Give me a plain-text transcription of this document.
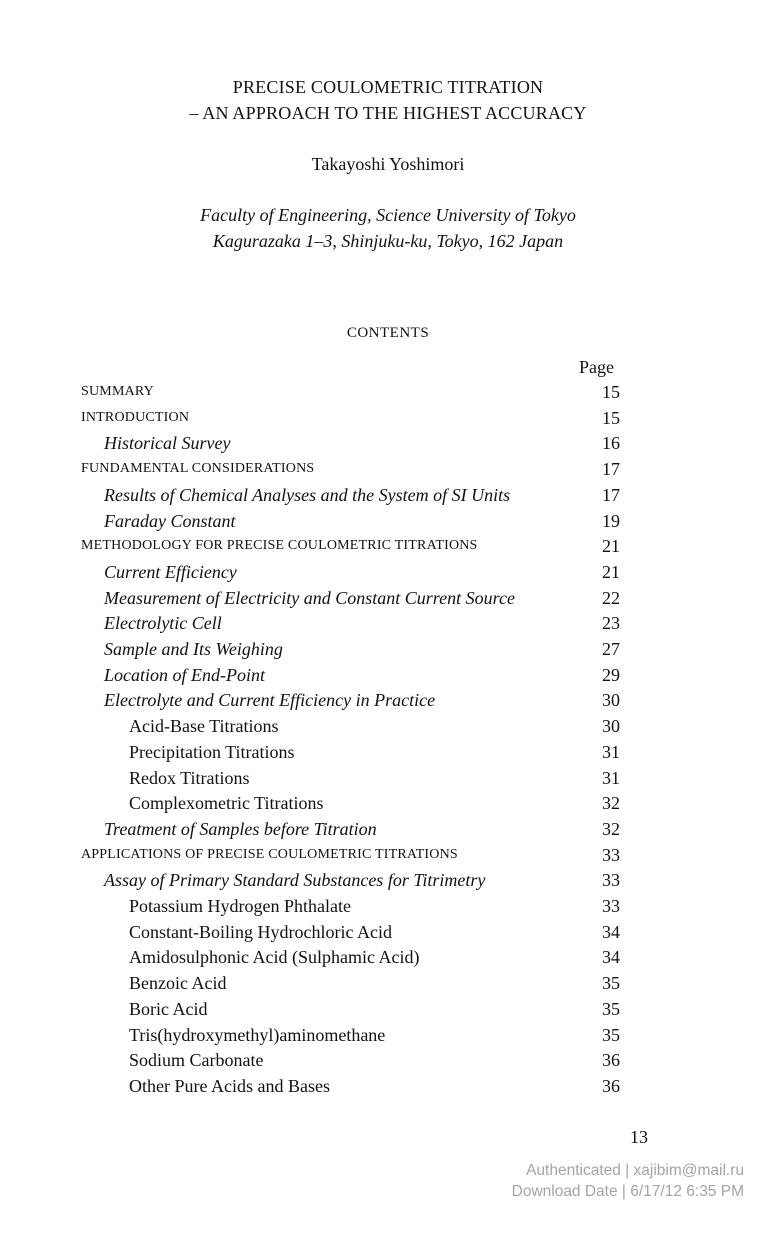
PRECISE COULOMETRIC TITRATION
– AN APPROACH TO THE HIGHEST ACCURACY
Takayoshi Yoshimori
Faculty of Engineering, Science University of Tokyo
Kagurazaka 1–3, Shinjuku-ku, Tokyo, 162 Japan
CONTENTS
Page
SUMMARY	15
INTRODUCTION	15
Historical Survey	16
FUNDAMENTAL CONSIDERATIONS	17
Results of Chemical Analyses and the System of SI Units	17
Faraday Constant	19
METHODOLOGY FOR PRECISE COULOMETRIC TITRATIONS	21
Current Efficiency	21
Measurement of Electricity and Constant Current Source	22
Electrolytic Cell	23
Sample and Its Weighing	27
Location of End-Point	29
Electrolyte and Current Efficiency in Practice	30
Acid-Base Titrations	30
Precipitation Titrations	31
Redox Titrations	31
Complexometric Titrations	32
Treatment of Samples before Titration	32
APPLICATIONS OF PRECISE COULOMETRIC TITRATIONS	33
Assay of Primary Standard Substances for Titrimetry	33
Potassium Hydrogen Phthalate	33
Constant-Boiling Hydrochloric Acid	34
Amidosulphonic Acid (Sulphamic Acid)	34
Benzoic Acid	35
Boric Acid	35
Tris(hydroxymethyl)aminomethane	35
Sodium Carbonate	36
Other Pure Acids and Bases	36
13
Authenticated | xajibim@mail.ru
Download Date | 6/17/12 6:35 PM
